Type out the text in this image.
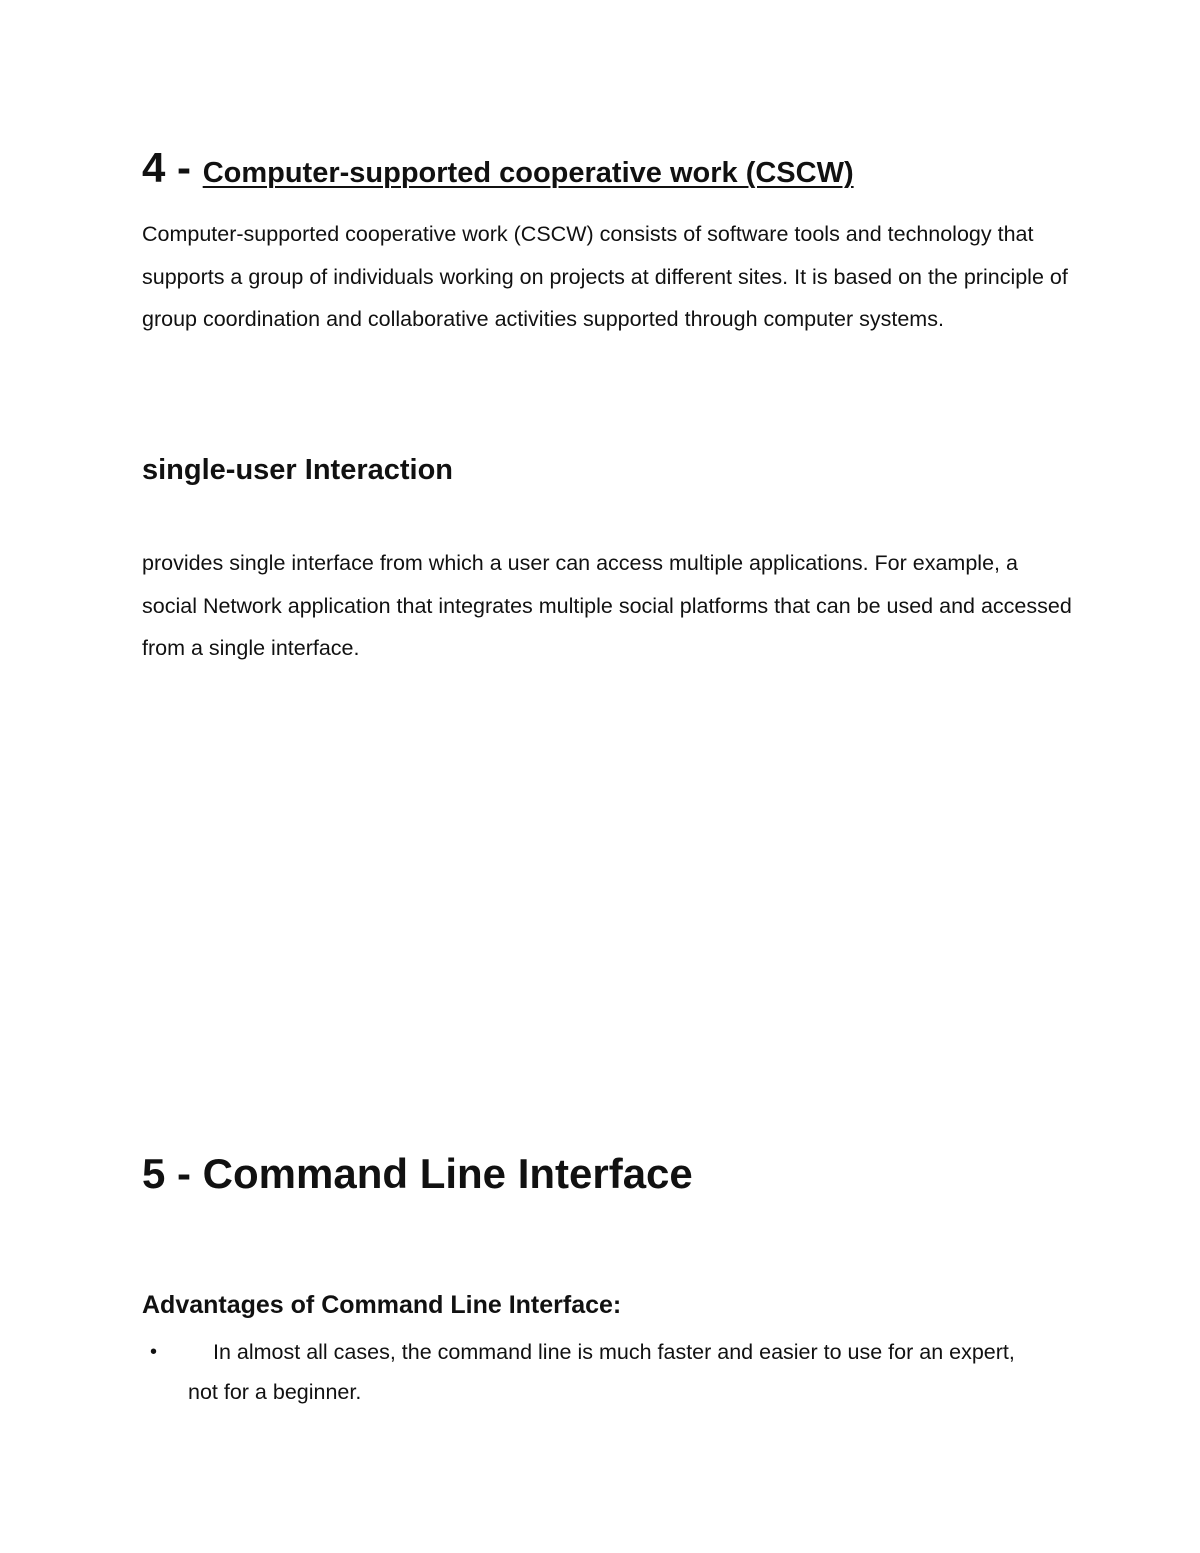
4 - Computer-supported cooperative work (CSCW)

Computer-supported cooperative work (CSCW) consists of software tools and technology that supports a group of individuals working on projects at different sites. It is based on the principle of group coordination and collaborative activities supported through computer systems.

single-user Interaction

provides single interface from which a user can access multiple applications. For example, a social Network application that integrates multiple social platforms that can be used and accessed from a single interface.

5 - Command Line Interface
Advantages of Command Line Interface:
•	In almost all cases, the command line is much faster and easier to use for an expert, not for a beginner.
